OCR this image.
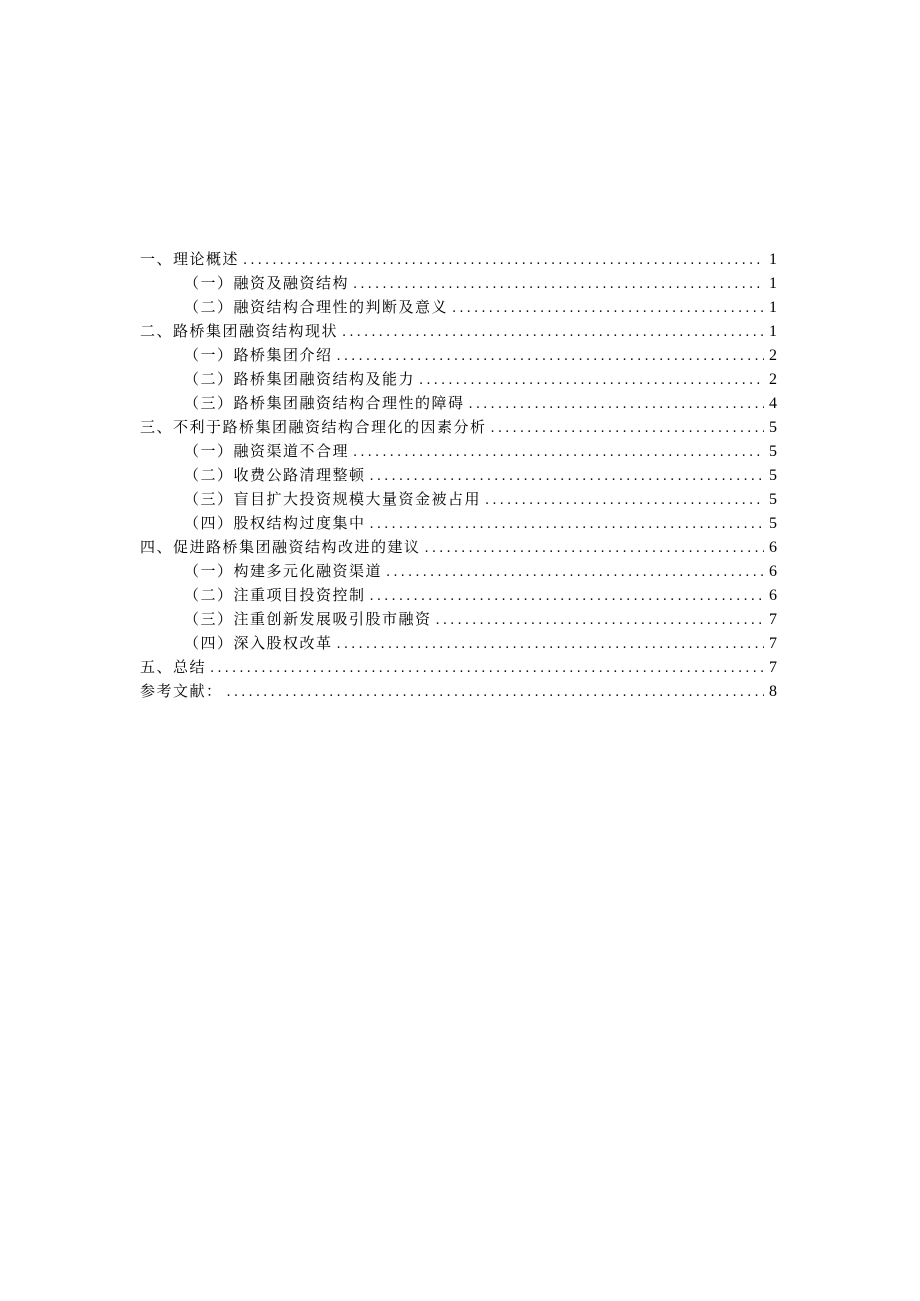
一、理论概述 .....	1
（一）融资及融资结构 .....	1
（二）融资结构合理性的判断及意义 .....	1
二、路桥集团融资结构现状 .....	1
（一）路桥集团介绍 .....	2
（二）路桥集团融资结构及能力 .....	2
（三）路桥集团融资结构合理性的障碍 .....	4
三、不利于路桥集团融资结构合理化的因素分析 .....	5
（一）融资渠道不合理 .....	5
（二）收费公路清理整顿 .....	5
（三）盲目扩大投资规模大量资金被占用 .....	5
（四）股权结构过度集中 .....	5
四、促进路桥集团融资结构改进的建议 .....	6
（一）构建多元化融资渠道 .....	6
（二）注重项目投资控制 .....	6
（三）注重创新发展吸引股市融资 .....	7
（四）深入股权改革 .....	7
五、总结 .....	7
参考文献： .....	8
